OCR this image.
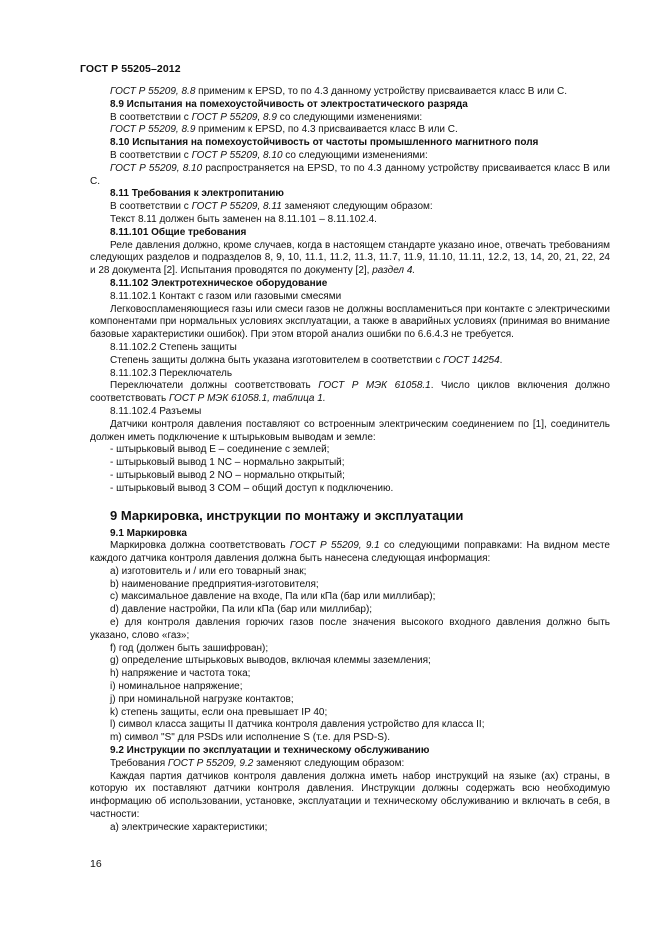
ГОСТ Р 55205–2012

ГОСТ Р 55209, 8.8 применим к EPSD, то по 4.3 данному устройству присваивается класс B или C.

8.9 Испытания на помехоустойчивость от электростатического разряда

В соответствии с ГОСТ Р 55209, 8.9 со следующими изменениями:

ГОСТ Р 55209, 8.9 применим к EPSD, по 4.3 присваивается класс B или C.

8.10 Испытания на помехоустойчивость от частоты промышленного магнитного поля

В соответствии с ГОСТ Р 55209, 8.10 со следующими изменениями:

ГОСТ Р 55209, 8.10 распространяется на EPSD, то по 4.3 данному устройству присваивается класс B или C.

8.11 Требования к электропитанию

В соответствии с ГОСТ Р 55209, 8.11 заменяют следующим образом:

Текст 8.11 должен быть заменен на 8.11.101 – 8.11.102.4.

8.11.101 Общие требования

Реле давления должно, кроме случаев, когда в настоящем стандарте указано иное, отвечать требованиям следующих разделов и подразделов 8, 9, 10, 11.1, 11.2, 11.3, 11.7, 11.9, 11.10, 11.11, 12.2, 13, 14, 20, 21, 22, 24 и 28 документа [2]. Испытания проводятся по документу [2], раздел 4.

8.11.102 Электротехническое оборудование

8.11.102.1 Контакт с газом или газовыми смесями

Легковоспламеняющиеся газы или смеси газов не должны воспламениться при контакте с электрическими компонентами при нормальных условиях эксплуатации, а также в аварийных условиях (принимая во внимание базовые характеристики ошибок). При этом второй анализ ошибки по 6.6.4.3 не требуется.

8.11.102.2 Степень защиты

Степень защиты должна быть указана изготовителем в соответствии с ГОСТ 14254.

8.11.102.3 Переключатель

Переключатели должны соответствовать ГОСТ Р МЭК 61058.1. Число циклов включения должно соответствовать ГОСТ Р МЭК 61058.1, таблица 1.

8.11.102.4 Разъемы

Датчики контроля давления поставляют со встроенным электрическим соединением по [1], соединитель должен иметь подключение к штырьковым выводам и земле:

- штырьковый вывод E – соединение с землей;

- штырьковый вывод 1 NC – нормально закрытый;

- штырьковый вывод 2 NO – нормально открытый;

- штырьковый вывод 3 COM – общий доступ к подключению.

9 Маркировка, инструкции по монтажу и эксплуатации

9.1 Маркировка

Маркировка должна соответствовать ГОСТ Р 55209, 9.1 со следующими поправками: На видном месте каждого датчика контроля давления должна быть нанесена следующая информация:

a) изготовитель и / или его товарный знак;

b) наименование предприятия-изготовителя;

c) максимальное давление на входе, Па или кПа (бар или миллибар);

d) давление настройки, Па или кПа (бар или миллибар);

e) для контроля давления горючих газов после значения высокого входного давления должно быть указано, слово «газ»;

f) год (должен быть зашифрован);

g) определение штырьковых выводов, включая клеммы заземления;

h) напряжение и частота тока;

i) номинальное напряжение;

j) при номинальной нагрузке контактов;

k) степень защиты, если она превышает IP 40;

l) символ класса защиты II датчика контроля давления устройство для класса II;

m) символ "S" для PSDs или исполнение S (т.е. для PSD-S).

9.2 Инструкции по эксплуатации и техническому обслуживанию

Требования ГОСТ Р 55209, 9.2 заменяют следующим образом:

Каждая партия датчиков контроля давления должна иметь набор инструкций на языке (ах) страны, в которую их поставляют датчики контроля давления. Инструкции должны содержать всю необходимую информацию об использовании, установке, эксплуатации и техническому обслуживанию и включать в себя, в частности:

a) электрические характеристики;

16
